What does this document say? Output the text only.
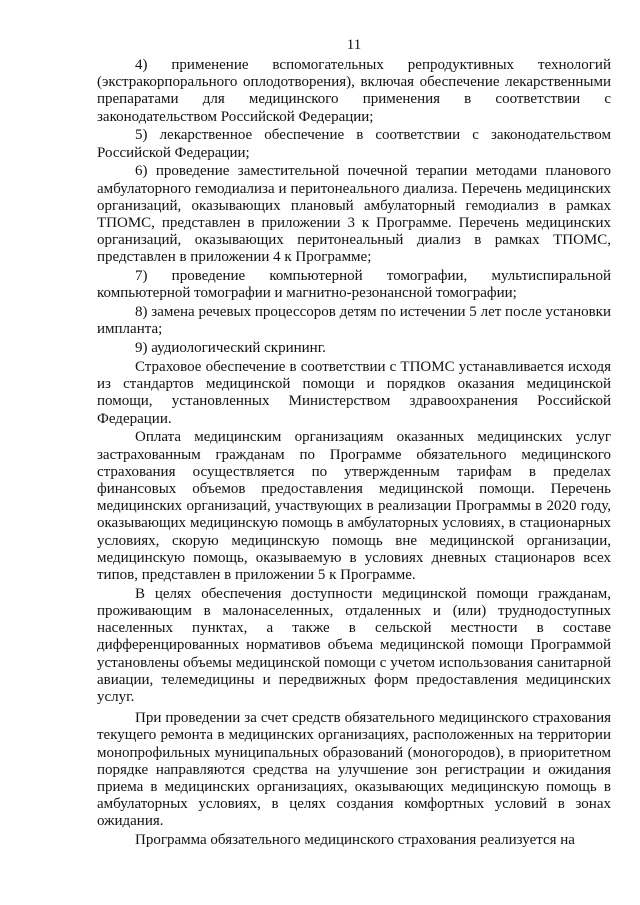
11

4) применение вспомогательных репродуктивных технологий (экстракорпорального оплодотворения), включая обеспечение лекарственными препаратами для медицинского применения в соответствии с законодательством Российской Федерации;

5) лекарственное обеспечение в соответствии с законодательством Российской Федерации;

6) проведение заместительной почечной терапии методами планового амбулаторного гемодиализа и перитонеального диализа. Перечень медицинских организаций, оказывающих плановый амбулаторный гемодиализ в рамках ТПОМС, представлен в приложении 3 к Программе. Перечень медицинских организаций, оказывающих перитонеальный диализ в рамках ТПОМС, представлен в приложении 4 к Программе;

7) проведение компьютерной томографии, мультиспиральной компьютерной томографии и магнитно-резонансной томографии;

8) замена речевых процессоров детям по истечении 5 лет после установки импланта;

9) аудиологический скрининг.

Страховое обеспечение в соответствии с ТПОМС устанавливается исходя из стандартов медицинской помощи и порядков оказания медицинской помощи, установленных Министерством здравоохранения Российской Федерации.

Оплата медицинским организациям оказанных медицинских услуг застрахованным гражданам по Программе обязательного медицинского страхования осуществляется по утвержденным тарифам в пределах финансовых объемов предоставления медицинской помощи. Перечень медицинских организаций, участвующих в реализации Программы в 2020 году, оказывающих медицинскую помощь в амбулаторных условиях, в стационарных условиях, скорую медицинскую помощь вне медицинской организации, медицинскую помощь, оказываемую в условиях дневных стационаров всех типов, представлен в приложении 5 к Программе.

В целях обеспечения доступности медицинской помощи гражданам, проживающим в малонаселенных, отдаленных и (или) труднодоступных населенных пунктах, а также в сельской местности в составе дифференцированных нормативов объема медицинской помощи Программой установлены объемы медицинской помощи с учетом использования санитарной авиации, телемедицины и передвижных форм предоставления медицинских услуг.

При проведении за счет средств обязательного медицинского страхования текущего ремонта в медицинских организациях, расположенных на территории монопрофильных муниципальных образований (моногородов), в приоритетном порядке направляются средства на улучшение зон регистрации и ожидания приема в медицинских организациях, оказывающих медицинскую помощь в амбулаторных условиях, в целях создания комфортных условий в зонах ожидания.

Программа обязательного медицинского страхования реализуется на
